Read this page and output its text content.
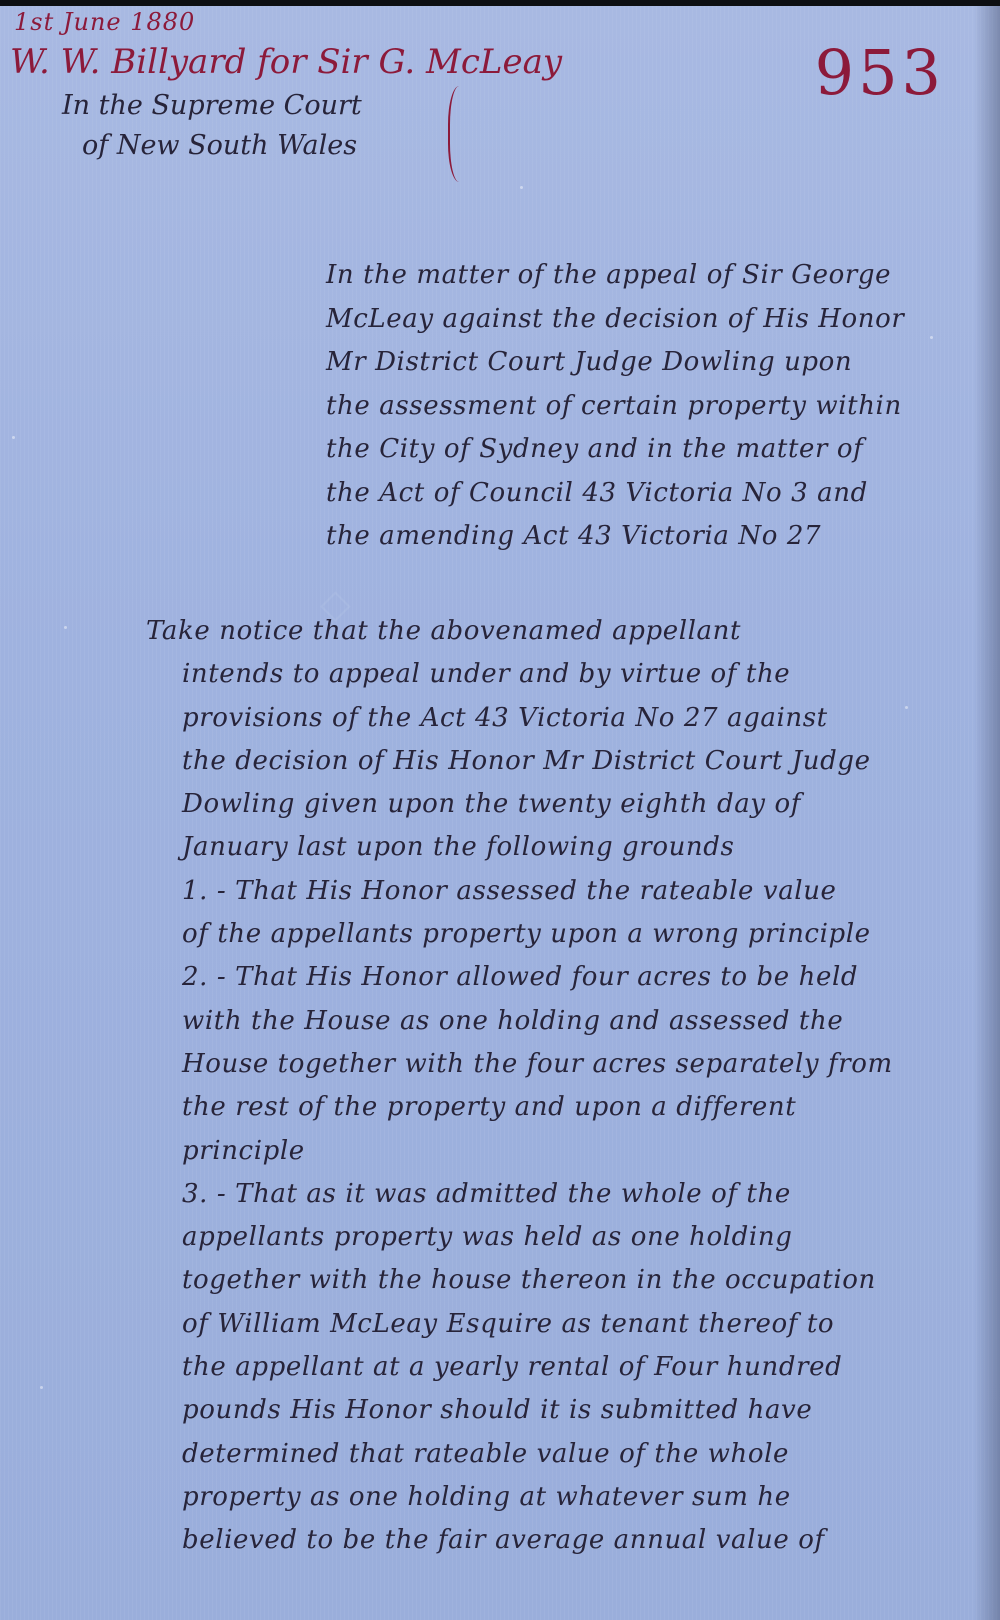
1st June 1880
W. W. Billyard for Sir G. McLeay	953
In the Supreme Court
of New South Wales
◇
In the matter of the appeal of Sir George
McLeay against the decision of His Honor
Mr District Court Judge Dowling upon
the assessment of certain property within
the City of Sydney and in the matter of
the Act of Council 43 Victoria No 3 and
the amending Act 43 Victoria No 27
Take notice that the abovenamed appellant
intends to appeal under and by virtue of the
provisions of the Act 43 Victoria No 27 against
the decision of His Honor Mr District Court Judge
Dowling given upon the twenty eighth day of
January last upon the following grounds
1. - That His Honor assessed the rateable value
of the appellants property upon a wrong principle
2. - That His Honor allowed four acres to be held
with the House as one holding and assessed the
House together with the four acres separately from
the rest of the property and upon a different
principle
3. - That as it was admitted the whole of the
appellants property was held as one holding
together with the house thereon in the occupation
of William McLeay Esquire as tenant thereof to
the appellant at a yearly rental of Four hundred
pounds His Honor should it is submitted have
determined that rateable value of the whole
property as one holding at whatever sum he
believed to be the fair average annual value of
